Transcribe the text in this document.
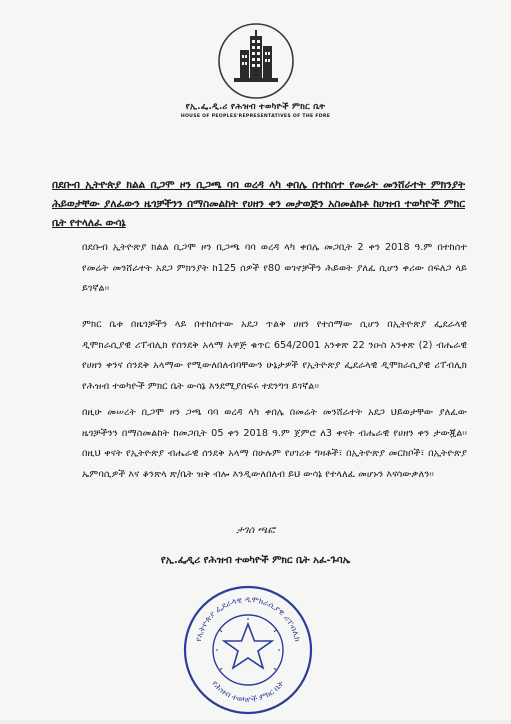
የኢ.ፌ.ዲ.ሪ የሕዝብ ተወካዮች ምክር ቤት
HOUSE OF PEOPLES'REPRESENTATIVES OF THE FDRE
በደቡብ ኢትዮጵያ ክልል ቢጋሞ ዞን ቢጋጫ ባባ ወረዳ ላካ ቀበሌ በተከሰተ የመሬት መንሸራተት ምክንያት ሕይወታቸው ያለፈውን ዜጎቻችንን በማስመልከት የሀዘን ቀን መታወጅን አስመልክቶ ከሀዝብ ተወካዮች ምክር ቤት የተላለፈ ውሳኔ
በደቡብ ኢትዮጵያ ክልል ቢጋሞ ዞን ቢጋጫ ባባ ወረዳ ላካ ቀበሌ መጋቢት 2 ቀን 2018 ዓ.ም በተከሰተ የመሬት መንሸራተት አደጋ ምክንያት ከ125 ሰዎች የ80 ወገኖቻችን ሕይወት ያለፈ ሲሆን ቀሪው በፍለጋ ላይ ይገኛል፡፡
ምክር ቤቱ በዜጎቻችን ላይ በተከሰተው አደጋ ጥልቅ ሀዘን የተሰማው ሲሆን በኢትዮጵያ ፌደራላዊ ዲሞክራሲያዊ ሪፐብሊክ የሰንደቅ አላማ አዋጅ ቁጥር 654/2001 አንቀጽ 22 ንዑስ አንቀጽ (2) ብሔራዊ የሀዘን ቀንና ሰንደቅ አላማው የሚውለበለብባቸውን ሁኔታዎች የኢትዮጵያ ፌደራላዊ ዲሞክራሲያዊ ሪፐብሊክ የሕዝብ ተወካዮች ምክር ቤት ውሳኔ እንደሚያሰፍሩ ተደንግጎ ይገኛል፡፡
በዚሁ መሠረት ቢጋሞ ዞን ጋጫ ባባ ወረዳ ላካ ቀበሌ በመሬት መንሸራተት አደጋ ህይወታቸው ያለፈው ዜጎቻችንን በማስመልከት ከመጋቢት 05 ቀን 2018 ዓ.ም ጀምሮ ለ3 ቀናት ብሔራዊ የሀዘን ቀን ታውጇል፡፡ በዚህ ቀናት የኢትዮጵያ ብሔራዊ ሰንደቅ አላማ በሁሉም የሀገሪቱ ግዛቶች፣ በኢትዮጵያ መርከቦች፣ በኢትዮጵያ ኤምባሲዎች እና ቆንጽላ ጽ/ቤት ዝቅ ብሎ እንዲውለበለብ ይህ ውሳኔ የተላለፈ መሆኑን እናሳውቃለን፡፡
ታገሰ ጫፎ
የኢ.ፌዲሪ የሕዝብ ተወካዮች ምክር ቤት አፈ-ጉባኤ
የኢትዮጵያ ፌደራላዊ ዲሞክራሲያዊ ሪፐብሊክ
የሕዝብ ተወካዮች ምክር ቤት
